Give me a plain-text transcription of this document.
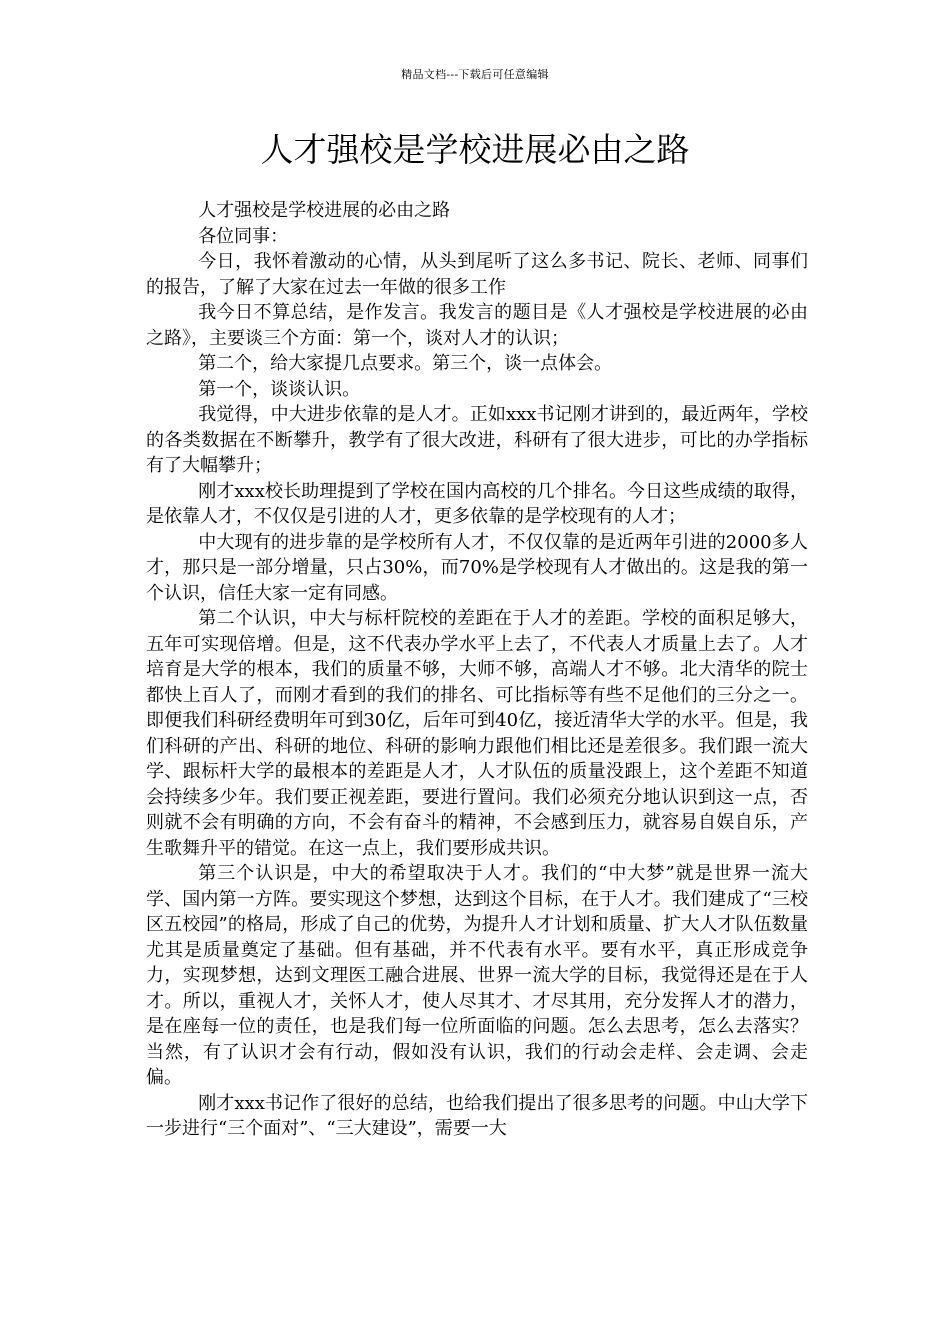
精品文档---下载后可任意编辑
人才强校是学校进展必由之路

人才强校是学校进展的必由之路

各位同事：

今日，我怀着激动的心情，从头到尾听了这么多书记、院长、老师、同事们的报告，了解了大家在过去一年做的很多工作

我今日不算总结，是作发言。我发言的题目是《人才强校是学校进展的必由之路》，主要谈三个方面：第一个，谈对人才的认识；

第二个，给大家提几点要求。第三个，谈一点体会。

第一个，谈谈认识。

我觉得，中大进步依靠的是人才。正如xxx书记刚才讲到的，最近两年，学校的各类数据在不断攀升，教学有了很大改进，科研有了很大进步，可比的办学指标有了大幅攀升；

刚才xxx校长助理提到了学校在国内高校的几个排名。今日这些成绩的取得，是依靠人才，不仅仅是引进的人才，更多依靠的是学校现有的人才；

中大现有的进步靠的是学校所有人才，不仅仅靠的是近两年引进的2000多人才，那只是一部分增量，只占30%，而70%是学校现有人才做出的。这是我的第一个认识，信任大家一定有同感。

第二个认识，中大与标杆院校的差距在于人才的差距。学校的面积足够大，五年可实现倍增。但是，这不代表办学水平上去了，不代表人才质量上去了。人才培育是大学的根本，我们的质量不够，大师不够，高端人才不够。北大清华的院士都快上百人了，而刚才看到的我们的排名、可比指标等有些不足他们的三分之一。即便我们科研经费明年可到30亿，后年可到40亿，接近清华大学的水平。但是，我们科研的产出、科研的地位、科研的影响力跟他们相比还是差很多。我们跟一流大学、跟标杆大学的最根本的差距是人才，人才队伍的质量没跟上，这个差距不知道会持续多少年。我们要正视差距，要进行置问。我们必须充分地认识到这一点，否则就不会有明确的方向，不会有奋斗的精神，不会感到压力，就容易自娱自乐，产生歌舞升平的错觉。在这一点上，我们要形成共识。

第三个认识是，中大的希望取决于人才。我们的“中大梦”就是世界一流大学、国内第一方阵。要实现这个梦想，达到这个目标，在于人才。我们建成了“三校区五校园”的格局，形成了自己的优势，为提升人才计划和质量、扩大人才队伍数量尤其是质量奠定了基础。但有基础，并不代表有水平。要有水平，真正形成竞争力，实现梦想，达到文理医工融合进展、世界一流大学的目标，我觉得还是在于人才。所以，重视人才，关怀人才，使人尽其才、才尽其用，充分发挥人才的潜力，是在座每一位的责任，也是我们每一位所面临的问题。怎么去思考，怎么去落实？当然，有了认识才会有行动，假如没有认识，我们的行动会走样、会走调、会走偏。

刚才xxx书记作了很好的总结，也给我们提出了很多思考的问题。中山大学下一步进行“三个面对”、“三大建设”，需要一大
